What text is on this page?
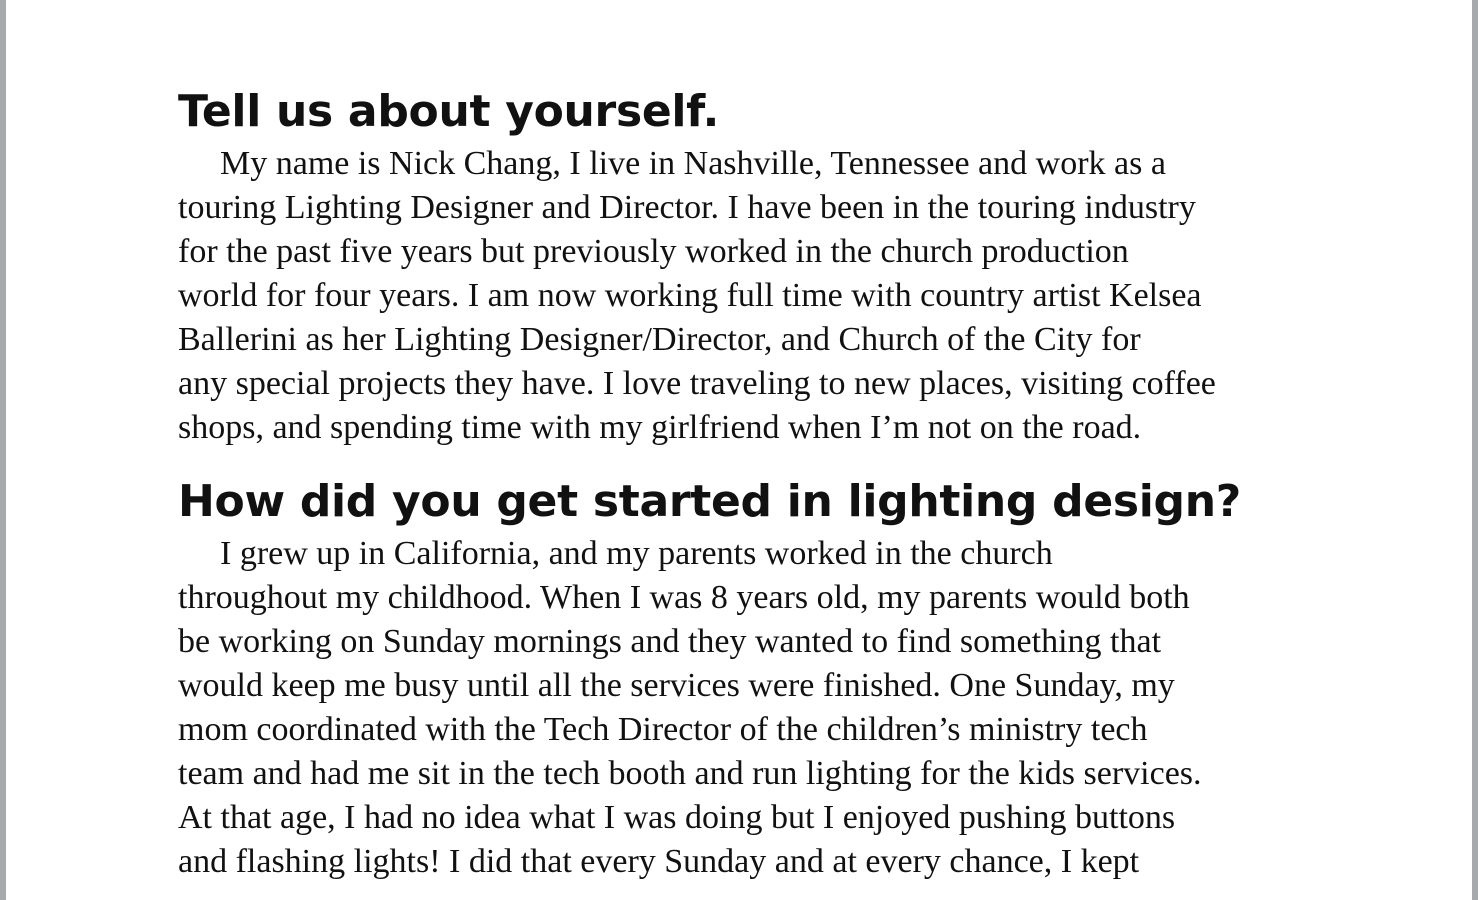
Tell us about yourself.

My name is Nick Chang, I live in Nashville, Tennessee and work as a
touring Lighting Designer and Director. I have been in the touring industry
for the past five years but previously worked in the church production
world for four years. I am now working full time with country artist Kelsea
Ballerini as her Lighting Designer/Director, and Church of the City for
any special projects they have. I love traveling to new places, visiting coffee
shops, and spending time with my girlfriend when I’m not on the road.

How did you get started in lighting design?

I grew up in California, and my parents worked in the church
throughout my childhood. When I was 8 years old, my parents would both
be working on Sunday mornings and they wanted to find something that
would keep me busy until all the services were finished. One Sunday, my
mom coordinated with the Tech Director of the children’s ministry tech
team and had me sit in the tech booth and run lighting for the kids services.
At that age, I had no idea what I was doing but I enjoyed pushing buttons
and flashing lights! I did that every Sunday and at every chance, I kept
